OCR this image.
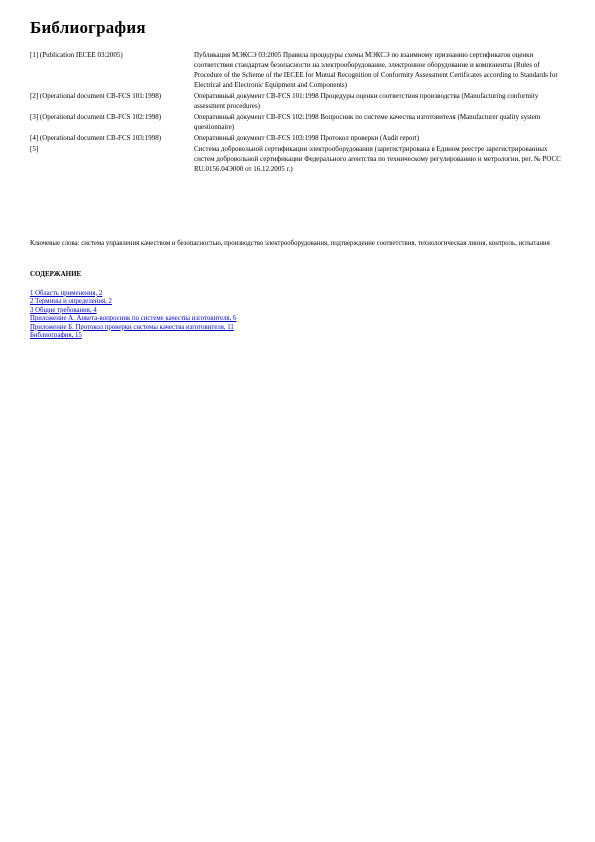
Библиография
[1] (Publication IECEE 03:2005)	Публикация МЭКСЭ 03:2005 Правила процедуры схемы МЭКСЭ по взаимному признанию сертификатов оценки соответствия стандартам безопасности на электрооборудование, электронное оборудование и компоненты (Rules of Procedure of the Scheme of the IECEE for Mutual Recognition of Conformity Assessment Certificates according to Standards for Electrical and Electronic Equipment and Components)
[2] (Operational document CB-FCS 101:1998)	Оперативный документ СВ-FCS 101:1998 Процедуры оценки соответствия производства (Manufacturing conformity assessment procedures)
[3] (Operational document CB-FCS 102:1998)	Оперативный документ СВ-FCS 102:1998 Вопросник по системе качества изготовителя (Manufacturer quality system questionnaire)
[4] (Operational document CB-FCS 103:1998)	Оперативный документ СВ-FCS 103:1998 Протокол проверки (Audit report)
[5]	Система добровольной сертификации электрооборудования (зарегистрирована в Едином реестре зарегистрированных систем добровольной сертификации Федерального агентства по техническому регулированию и метрологии, рег. № РОСС RU.0156.04Э000 от 16.12.2005 г.)
Ключевые слова: система управления качеством и безопасностью, производство электрооборудования, подтверждение соответствия, технологическая линия, контроль, испытания
СОДЕРЖАНИЕ
1 Область применения, 2
2 Термины и определения, 2
3 Общие требования, 4
Приложение А. Анкета-вопросник по системе качества изготовителя, 6
Приложение Б. Протокол проверки системы качества изготовителя, 11
Библиография, 15
